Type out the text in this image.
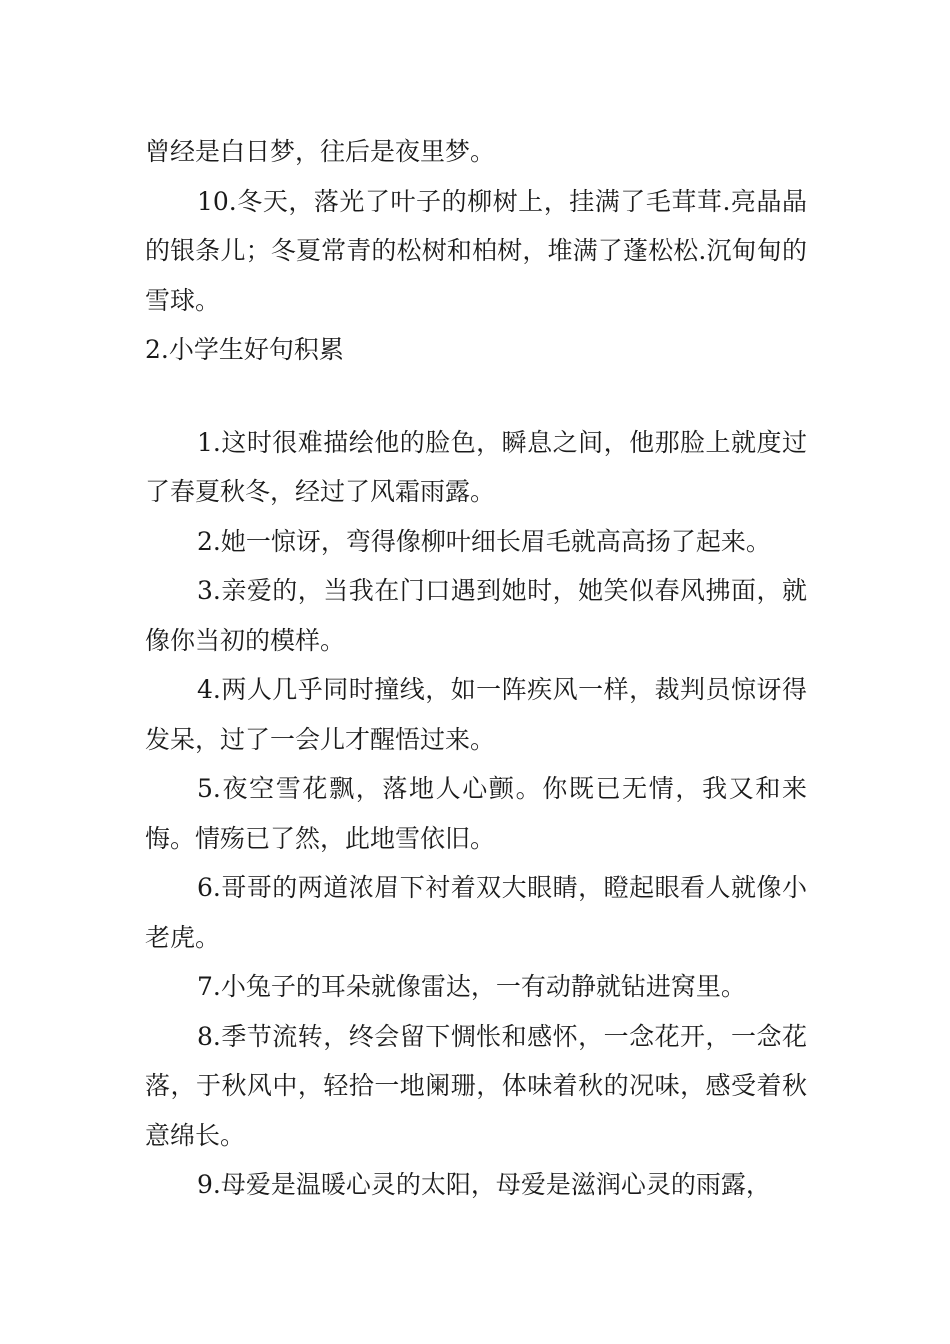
曾经是白日梦，往后是夜里梦。

10.冬天，落光了叶子的柳树上，挂满了毛茸茸.亮晶晶的银条儿；冬夏常青的松树和柏树，堆满了蓬松松.沉甸甸的雪球。

2.小学生好句积累

1.这时很难描绘他的脸色，瞬息之间，他那脸上就度过了春夏秋冬，经过了风霜雨露。

2.她一惊讶，弯得像柳叶细长眉毛就高高扬了起来。

3.亲爱的，当我在门口遇到她时，她笑似春风拂面，就像你当初的模样。

4.两人几乎同时撞线，如一阵疾风一样，裁判员惊讶得发呆，过了一会儿才醒悟过来。

5.夜空雪花飘，落地人心颤。你既已无情，我又和来悔。情殇已了然，此地雪依旧。

6.哥哥的两道浓眉下衬着双大眼睛，瞪起眼看人就像小老虎。

7.小兔子的耳朵就像雷达，一有动静就钻进窝里。

8.季节流转，终会留下惆怅和感怀，一念花开，一念花落，于秋风中，轻拾一地阑珊，体味着秋的况味，感受着秋意绵长。

9.母爱是温暖心灵的太阳，母爱是滋润心灵的雨露，
